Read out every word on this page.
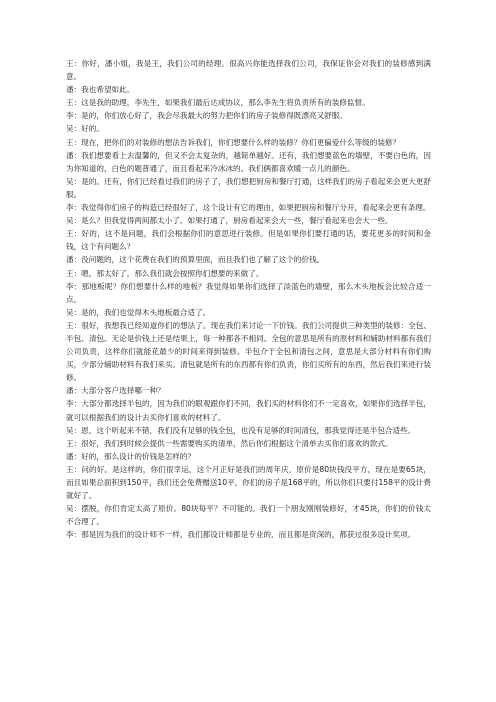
王：你好，潘小姐，我是王，我们公司的经理。很高兴你能选择我们公司，我保证你会对我们的装修感到满意。

潘：我也希望如此。

王：这是我的助理，李先生，如果我们最后达成协议，那么李先生将负责所有的装修监督。

李：是的，你们放心好了，我会尽我最大的努力把你们的房子装修得既漂亮又舒服。

吴：好的。

王：现在，把你们的对装修的想法告诉我们，你们想要什么样的装修？你们更偏爱什么等级的装修？

潘：我们想要看上去温馨的，但又不会太复杂的，越简单越好。还有，我们想要蓝色的墙壁，不要白色的，因为你知道的，白色的题普通了，而且看起来冷冰冰的。我们俩都喜欢暖一点儿的颜色。

吴：是的。还有，你们已经看过我们的房子了，我们想把厨房和餐厅打通，这样我们的房子看起来会更大更舒服。

李：我觉得你们房子的构造已经很好了，这个设计有它的理由，如果把厨房和餐厅分开，看起来会更有条理。

吴：是么？但我觉得两间都太小了。如果打通了，厨房看起来会大一些，餐厅看起来也会大一些。

王：好的，这不是问题，我们会根据你们的意思进行装修。但是如果你们要打通的话，要花更多的时间和金钱，这个有问题么？

潘：没问题的，这个花费在我们的预算里面，而且我们也了解了这个的价钱。

王：嗯，那太好了，那么我们就会按照你们想要的来做了。

李：那地板呢？你们想要什么样的地板？我觉得如果你们选择了淡蓝色的墙壁，那么木头地板会比较合适一点。

吴：是的，我们也觉得木头地板最合适了。

王：很好，我想我已经知道你们的想法了。现在我们来讨论一下价钱。我们公司提供三种类型的装修：全包、半包、清包。无论是价钱上还是结果上，每一种都各不相同。全包的意思是所有的原材料和辅助材料都有我们公司负责，这样你们就能花最少的时间来得到装修。半包介于全包和清包之间，意思是大部分材料有你们购买，少部分辅助材料有我们来买。清包就是所有的东西都有你们负责，你们买所有的东西，然后我们来进行装修。

潘：大部分客户选择哪一种？

李：大部分都选择半包的，因为我们的眼观跟你们不同，我们买的材料你们不一定喜欢，如果你们选择半包，就可以根据我们的设计去买你们喜欢的材料了。

吴：恩，这个听起来不错，我们没有足够的钱全包，也没有足够的时间清包，那我觉得还是半包合适些。

王：很好，我们到时候会提供一些需要购买的清单，然后你们根据这个清单去买你们喜欢的款式。

潘：好的，那么设计的价钱是怎样的？

王：问的好。是这样的，你们很幸运，这个月正好是我们的周年庆，原价是80块钱没平方，现在是要65块，而且如果总面积到150平，我们还会免费赠送10平，你们的房子是168平的，所以你们只要付158平的设计费就好了。

吴：摆脱，你们肯定太高了原价。80块每平？不可能的。我们一个朋友刚刚装修好，才45块，你们的价钱太不合理了。

李：那是因为我们的设计师不一样，我们都设计师都是专业的，而且都是资深的，都获过很多设计奖项。
